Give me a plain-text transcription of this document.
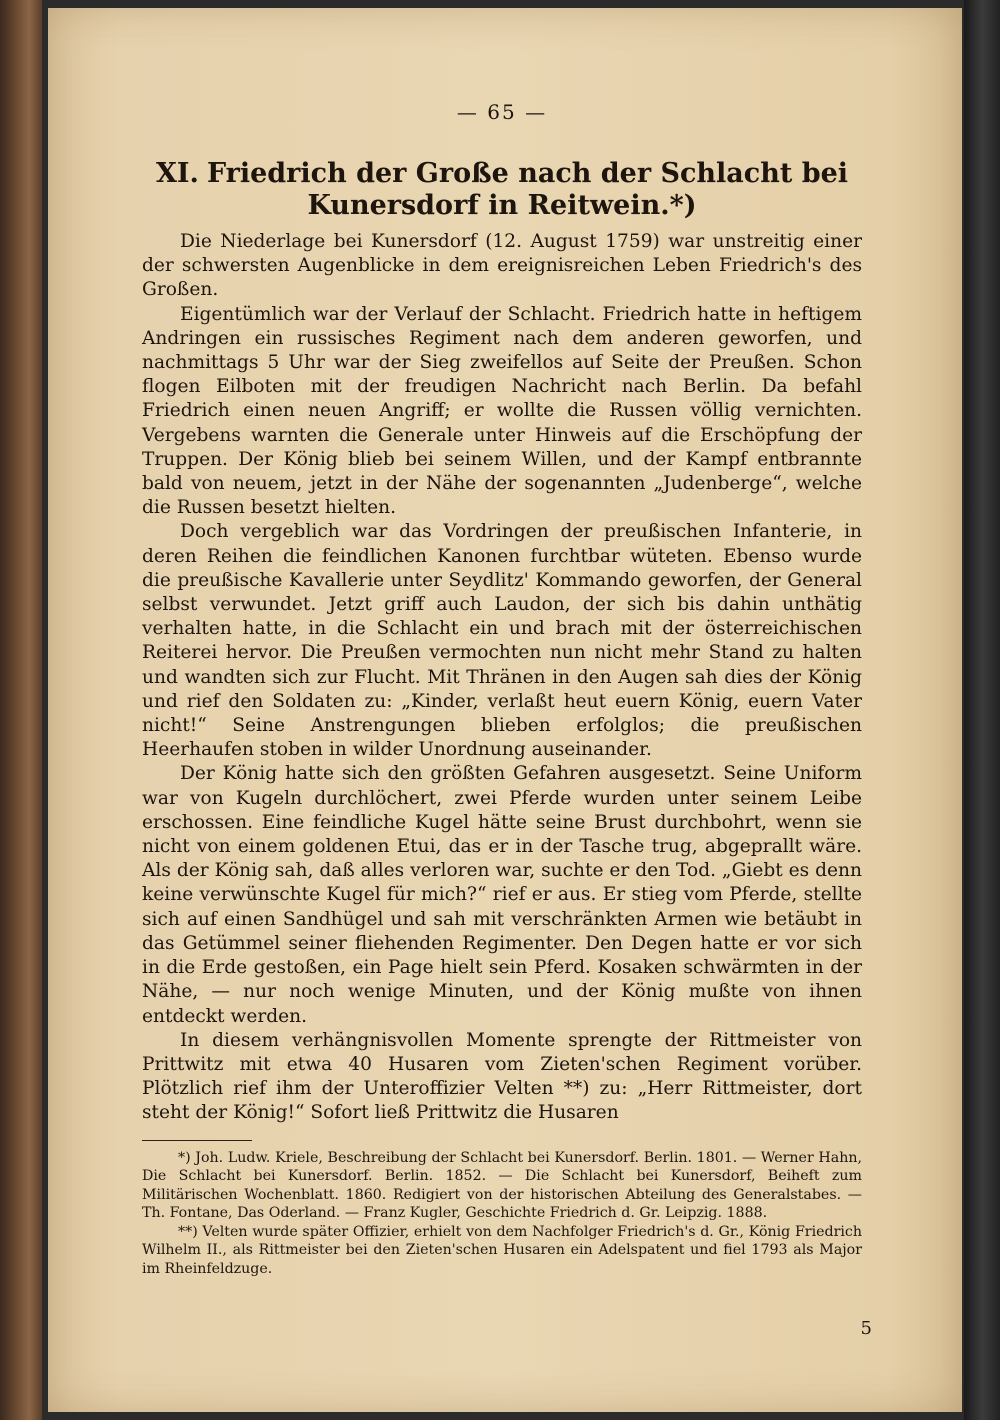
— 65 —
XI. Friedrich der Große nach der Schlacht bei Kunersdorf in Reitwein.*)

Die Niederlage bei Kunersdorf (12. August 1759) war unstreitig einer der schwersten Augenblicke in dem ereignisreichen Leben Friedrich's des Großen.

Eigentümlich war der Verlauf der Schlacht. Friedrich hatte in heftigem Andringen ein russisches Regiment nach dem anderen geworfen, und nachmittags 5 Uhr war der Sieg zweifellos auf Seite der Preußen. Schon flogen Eilboten mit der freudigen Nachricht nach Berlin. Da befahl Friedrich einen neuen Angriff; er wollte die Russen völlig vernichten. Vergebens warnten die Generale unter Hinweis auf die Erschöpfung der Truppen. Der König blieb bei seinem Willen, und der Kampf entbrannte bald von neuem, jetzt in der Nähe der sogenannten „Judenberge“, welche die Russen besetzt hielten.

Doch vergeblich war das Vordringen der preußischen Infanterie, in deren Reihen die feindlichen Kanonen furchtbar wüteten. Ebenso wurde die preußische Kavallerie unter Seydlitz' Kommando geworfen, der General selbst verwundet. Jetzt griff auch Laudon, der sich bis dahin unthätig verhalten hatte, in die Schlacht ein und brach mit der österreichischen Reiterei hervor. Die Preußen vermochten nun nicht mehr Stand zu halten und wandten sich zur Flucht. Mit Thränen in den Augen sah dies der König und rief den Soldaten zu: „Kinder, verlaßt heut euern König, euern Vater nicht!“ Seine Anstrengungen blieben erfolglos; die preußischen Heerhaufen stoben in wilder Unordnung auseinander.

Der König hatte sich den größten Gefahren ausgesetzt. Seine Uniform war von Kugeln durchlöchert, zwei Pferde wurden unter seinem Leibe erschossen. Eine feindliche Kugel hätte seine Brust durchbohrt, wenn sie nicht von einem goldenen Etui, das er in der Tasche trug, abgeprallt wäre. Als der König sah, daß alles verloren war, suchte er den Tod. „Giebt es denn keine verwünschte Kugel für mich?“ rief er aus. Er stieg vom Pferde, stellte sich auf einen Sandhügel und sah mit verschränkten Armen wie betäubt in das Getümmel seiner fliehenden Regimenter. Den Degen hatte er vor sich in die Erde gestoßen, ein Page hielt sein Pferd. Kosaken schwärmten in der Nähe, — nur noch wenige Minuten, und der König mußte von ihnen entdeckt werden.

In diesem verhängnisvollen Momente sprengte der Rittmeister von Prittwitz mit etwa 40 Husaren vom Zieten'schen Regiment vorüber. Plötzlich rief ihm der Unteroffizier Velten **) zu: „Herr Rittmeister, dort steht der König!“ Sofort ließ Prittwitz die Husaren

*) Joh. Ludw. Kriele, Beschreibung der Schlacht bei Kunersdorf. Berlin. 1801. — Werner Hahn, Die Schlacht bei Kunersdorf. Berlin. 1852. — Die Schlacht bei Kunersdorf, Beiheft zum Militärischen Wochenblatt. 1860. Redigiert von der historischen Abteilung des Generalstabes. — Th. Fontane, Das Oderland. — Franz Kugler, Geschichte Friedrich d. Gr. Leipzig. 1888.

**) Velten wurde später Offizier, erhielt von dem Nachfolger Friedrich's d. Gr., König Friedrich Wilhelm II., als Rittmeister bei den Zieten'schen Husaren ein Adelspatent und fiel 1793 als Major im Rheinfeldzuge.

5
